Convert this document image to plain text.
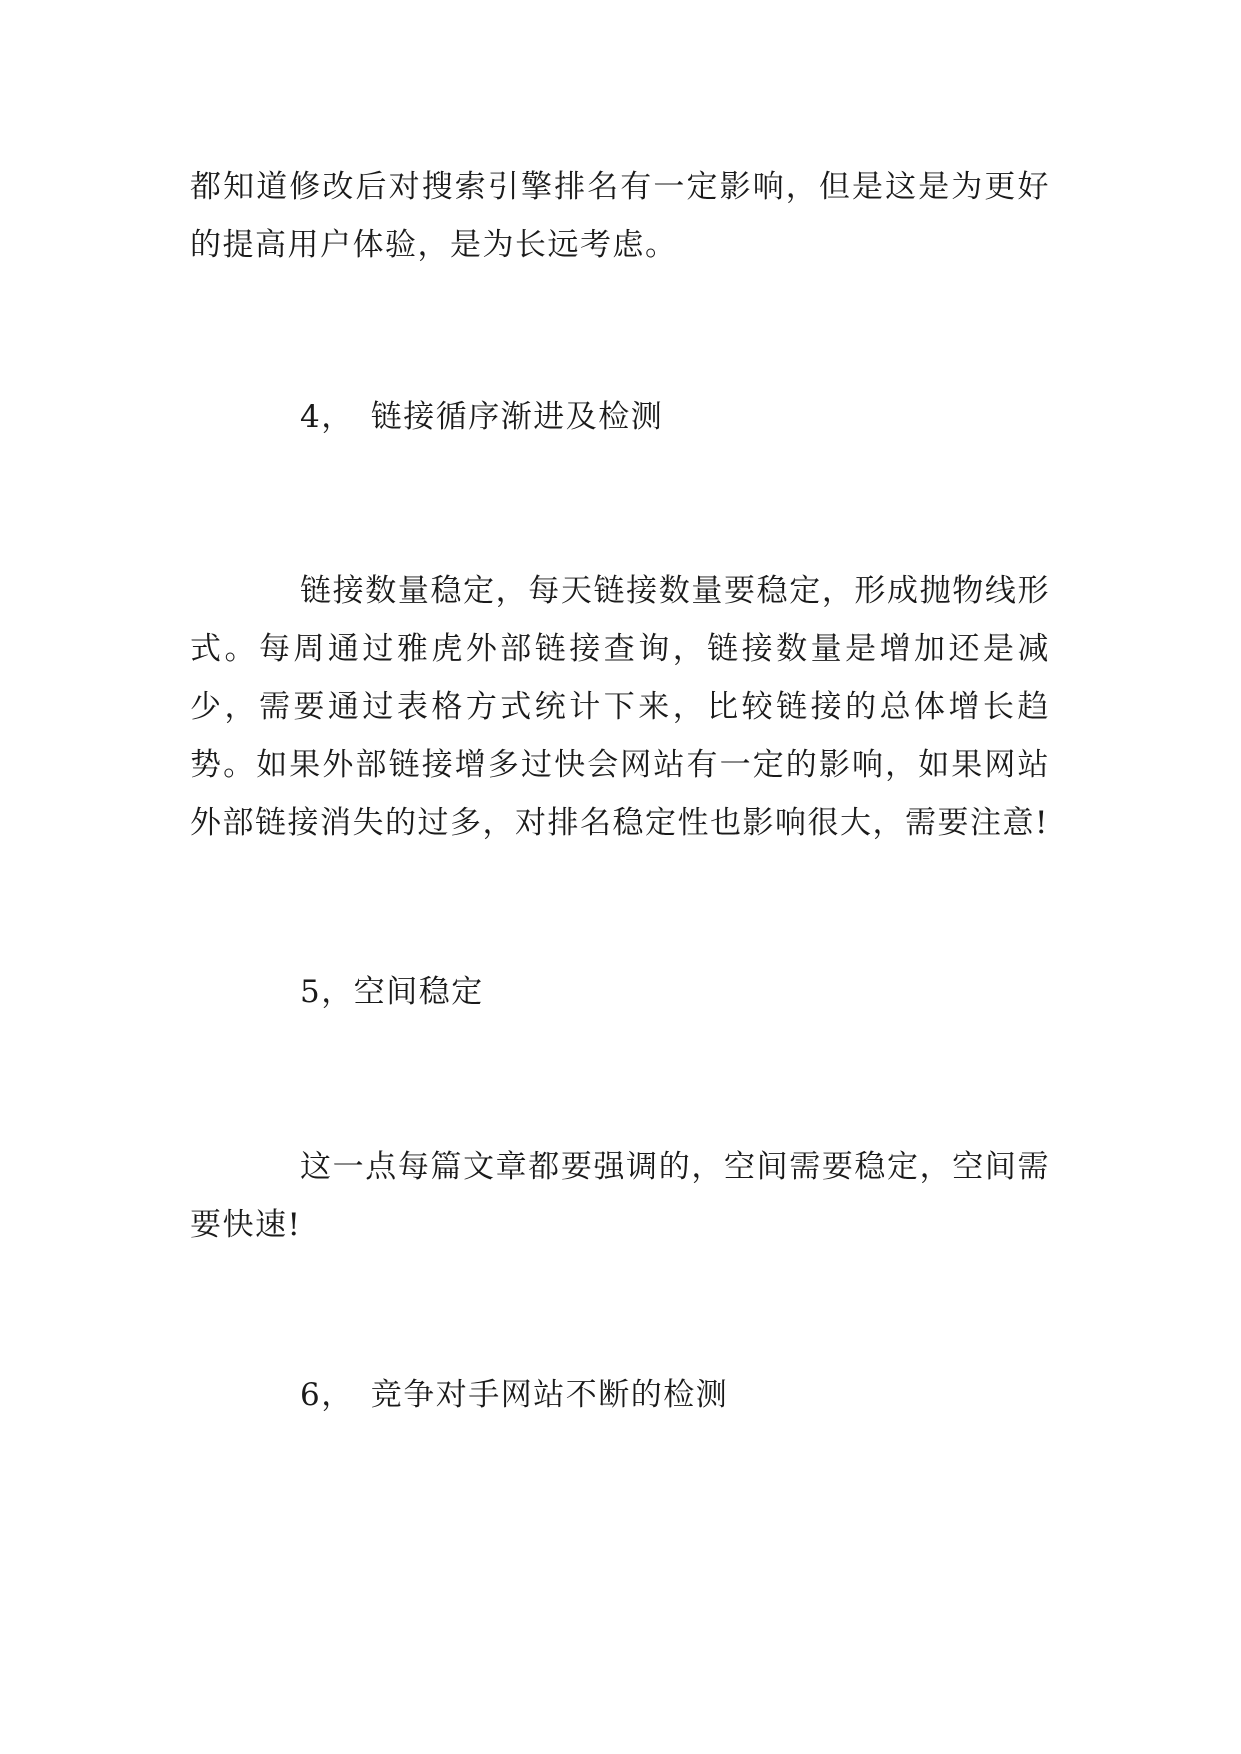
都知道修改后对搜索引擎排名有一定影响，但是这是为更好的提高用户体验，是为长远考虑。

4，　链接循序渐进及检测

链接数量稳定，每天链接数量要稳定，形成抛物线形式。每周通过雅虎外部链接查询，链接数量是增加还是减少，需要通过表格方式统计下来，比较链接的总体增长趋势。如果外部链接增多过快会网站有一定的影响，如果网站外部链接消失的过多，对排名稳定性也影响很大，需要注意!

5，空间稳定

这一点每篇文章都要强调的，空间需要稳定，空间需要快速!

6，　竞争对手网站不断的检测
